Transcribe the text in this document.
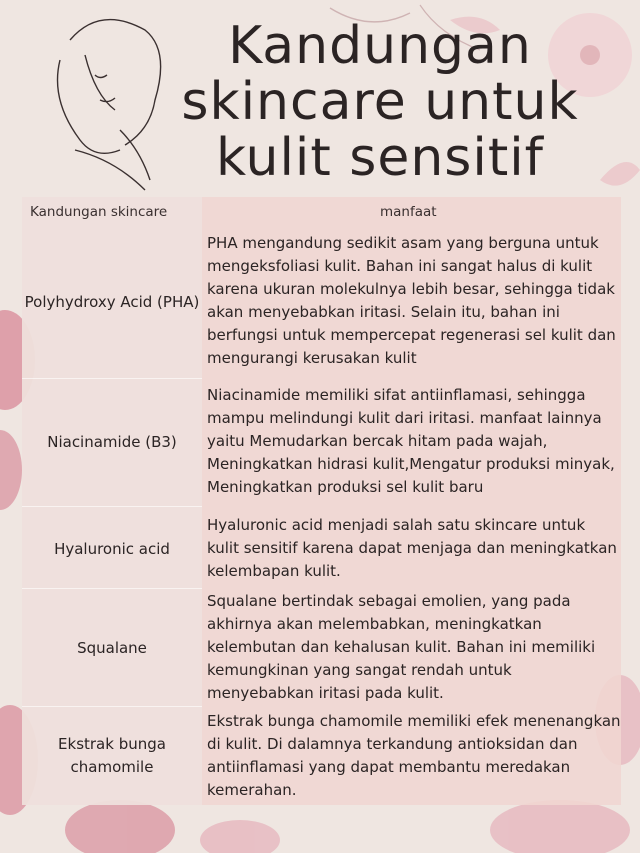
Kandungan
skincare untuk
kulit sensitif
Kandungan skincare	manfaat
Polyhydroxy Acid (PHA)
PHA mengandung sedikit asam yang berguna untuk mengeksfoliasi kulit. Bahan ini sangat halus di kulit karena ukuran molekulnya lebih besar, sehingga tidak akan menyebabkan iritasi. Selain itu, bahan ini berfungsi untuk mempercepat regenerasi sel kulit dan mengurangi kerusakan kulit
Niacinamide (B3)
Niacinamide memiliki sifat antiinflamasi, sehingga mampu melindungi kulit dari iritasi. manfaat lainnya yaitu Memudarkan bercak hitam pada wajah, Meningkatkan hidrasi kulit,Mengatur produksi minyak, Meningkatkan produksi sel kulit baru
Hyaluronic acid
Hyaluronic acid menjadi salah satu skincare untuk kulit sensitif karena dapat menjaga dan meningkatkan kelembapan kulit.
Squalane
Squalane bertindak sebagai emolien, yang pada akhirnya akan melembabkan, meningkatkan kelembutan dan kehalusan kulit. Bahan ini memiliki kemungkinan yang sangat rendah untuk menyebabkan iritasi pada kulit.
Ekstrak bunga chamomile
Ekstrak bunga chamomile memiliki efek menenangkan di kulit. Di dalamnya terkandung antioksidan dan antiinflamasi yang dapat membantu meredakan kemerahan.
